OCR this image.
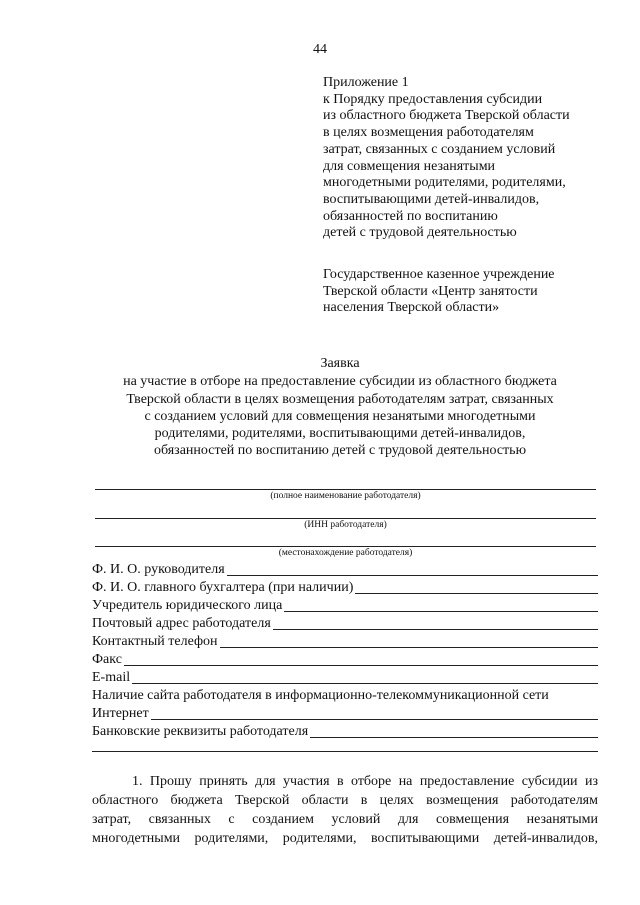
44
Приложение 1
к Порядку предоставления субсидии
из областного бюджета Тверской области
в целях возмещения работодателям
затрат, связанных с созданием условий
для совмещения незанятыми
многодетными родителями, родителями,
воспитывающими детей-инвалидов,
обязанностей по воспитанию
детей с трудовой деятельностью
Государственное казенное учреждение
Тверской области «Центр занятости
населения Тверской области»
Заявка
на участие в отборе на предоставление субсидии из областного бюджета
Тверской области в целях возмещения работодателям затрат, связанных
с созданием условий для совмещения незанятыми многодетными
родителями, родителями, воспитывающими детей-инвалидов,
обязанностей по воспитанию детей с трудовой деятельностью
(полное наименование работодателя)
(ИНН работодателя)
(местонахождение работодателя)
Ф. И. О. руководителя
Ф. И. О. главного бухгалтера (при наличии)
Учредитель юридического лица
Почтовый адрес работодателя
Контактный телефон
Факс
E-mail
Наличие сайта работодателя в информационно-телекоммуникационной сети
Интернет
Банковские реквизиты работодателя
1. Прошу принять для участия в отборе на предоставление субсидии из
областного бюджета Тверской области в целях возмещения работодателям
затрат, связанных с созданием условий для совмещения незанятыми
многодетными родителями, родителями, воспитывающими детей-инвалидов,
